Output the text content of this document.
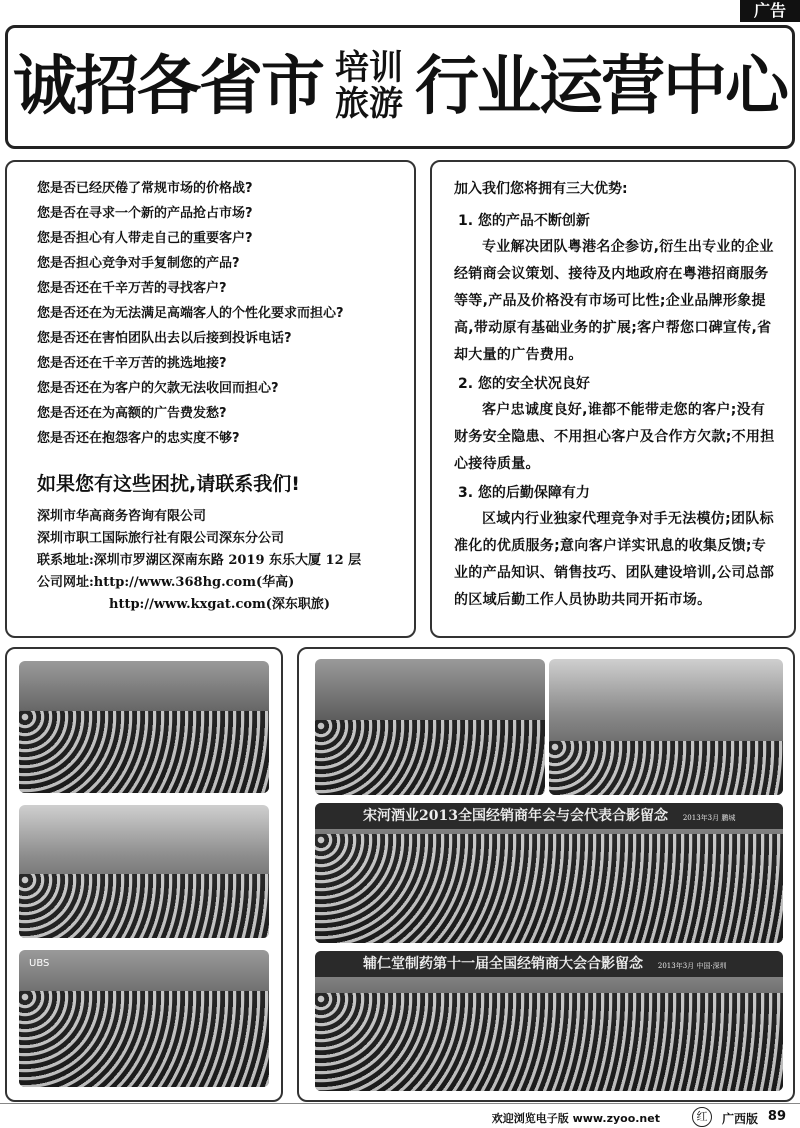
广告
诚招各省市 培训
旅游 行业运营中心

您是否已经厌倦了常规市场的价格战?

您是否在寻求一个新的产品抢占市场?

您是否担心有人带走自己的重要客户?

您是否担心竞争对手复制您的产品?

您是否还在千辛万苦的寻找客户?

您是否还在为无法满足高端客人的个性化要求而担心?

您是否还在害怕团队出去以后接到投诉电话?

您是否还在千辛万苦的挑选地接?

您是否还在为客户的欠款无法收回而担心?

您是否还在为高额的广告费发愁?

您是否还在抱怨客户的忠实度不够?

如果您有这些困扰,请联系我们!
深圳市华高商务咨询有限公司
深圳市职工国际旅行社有限公司深东分公司
联系地址:深圳市罗湖区深南东路 2019 东乐大厦 12 层
公司网址:http://www.368hg.com(华高)
http://www.kxgat.com(深东职旅)

加入我们您将拥有三大优势:

1. 您的产品不断创新

专业解决团队粤港名企参访,衍生出专业的企业经销商会议策划、接待及内地政府在粤港招商服务等等,产品及价格没有市场可比性;企业品牌形象提高,带动原有基础业务的扩展;客户帮您口碑宣传,省却大量的广告费用。

2. 您的安全状况良好

客户忠诚度良好,谁都不能带走您的客户;没有财务安全隐患、不用担心客户及合作方欠款;不用担心接待质量。

3. 您的后勤保障有力

区域内行业独家代理竞争对手无法模仿;团队标准化的优质服务;意向客户详实讯息的收集反馈;专业的产品知识、销售技巧、团队建设培训,公司总部的区域后勤工作人员协助共同开拓市场。

UBS
宋河酒业2013全国经销商年会与会代表合影留念 2013年3月 鹏城
辅仁堂制药第十一届全国经销商大会合影留念 2013年3月 中国·深圳
欢迎浏览电子版 www.zyoo.net	红	广西版 89
